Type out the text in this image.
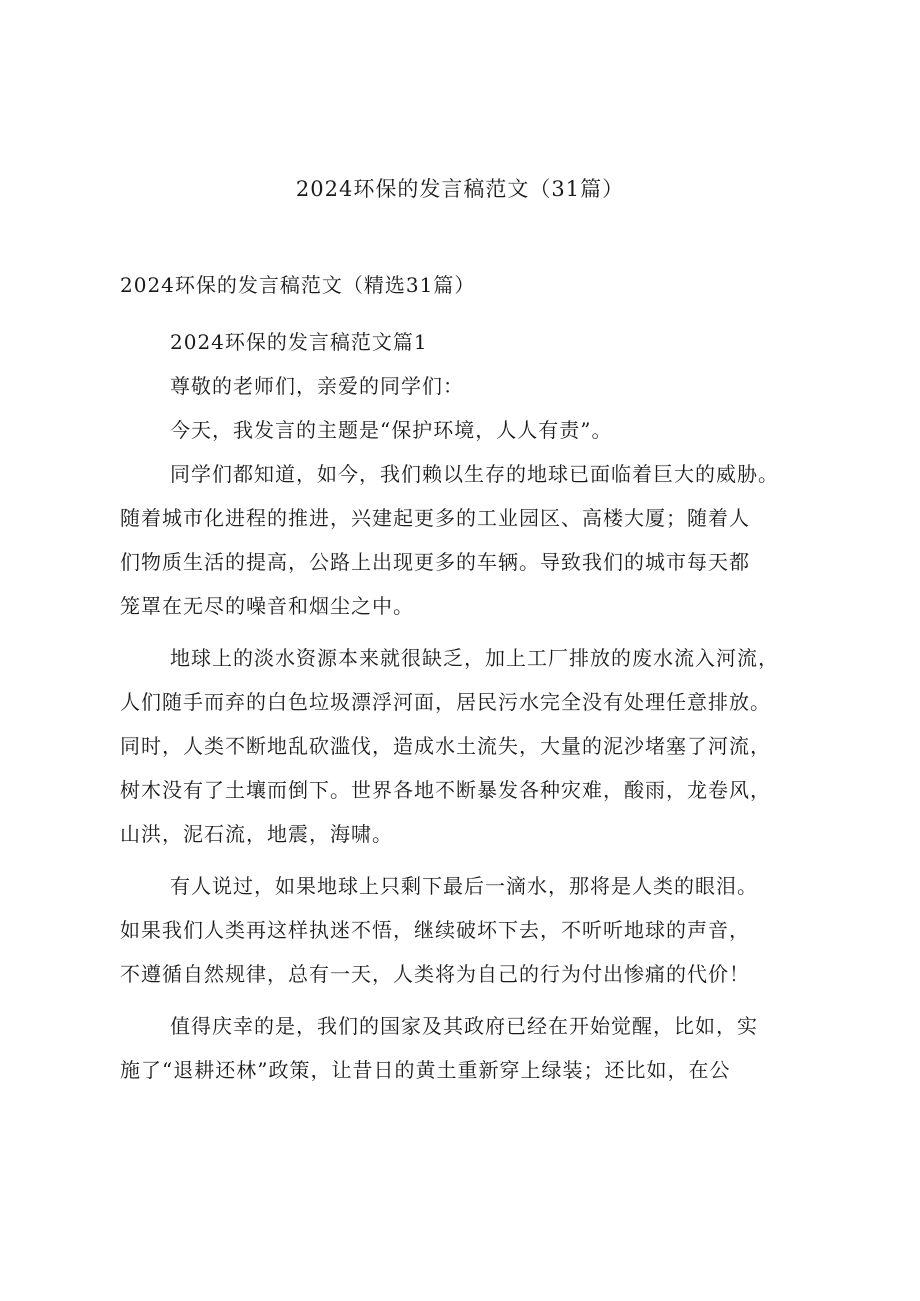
2024环保的发言稿范文（31篇）
2024环保的发言稿范文（精选31篇）
2024环保的发言稿范文篇1
尊敬的老师们，亲爱的同学们：
今天，我发言的主题是“保护环境，人人有责”。
同学们都知道，如今，我们赖以生存的地球已面临着巨大的威胁。
随着城市化进程的推进，兴建起更多的工业园区、高楼大厦；随着人
们物质生活的提高，公路上出现更多的车辆。导致我们的城市每天都
笼罩在无尽的噪音和烟尘之中。
地球上的淡水资源本来就很缺乏，加上工厂排放的废水流入河流，
人们随手而弃的白色垃圾漂浮河面，居民污水完全没有处理任意排放。
同时，人类不断地乱砍滥伐，造成水土流失，大量的泥沙堵塞了河流，
树木没有了土壤而倒下。世界各地不断暴发各种灾难，酸雨，龙卷风，
山洪，泥石流，地震，海啸。
有人说过，如果地球上只剩下最后一滴水，那将是人类的眼泪。
如果我们人类再这样执迷不悟，继续破坏下去，不听听地球的声音，
不遵循自然规律，总有一天，人类将为自己的行为付出惨痛的代价！
值得庆幸的是，我们的国家及其政府已经在开始觉醒，比如，实
施了“退耕还林”政策，让昔日的黄土重新穿上绿装；还比如，在公
